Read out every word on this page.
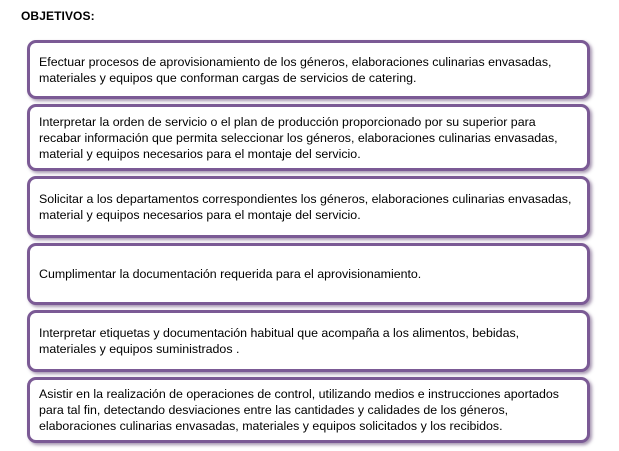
OBJETIVOS:
Efectuar procesos de aprovisionamiento de los géneros, elaboraciones culinarias envasadas, materiales y equipos que conforman cargas de servicios de catering.
Interpretar la orden de servicio o el plan de producción proporcionado por su superior para recabar información que permita seleccionar los géneros, elaboraciones culinarias envasadas, material y equipos necesarios para el montaje del servicio.
Solicitar a los departamentos correspondientes los géneros, elaboraciones culinarias envasadas, material y equipos necesarios para el montaje del servicio.
Cumplimentar la documentación requerida para el aprovisionamiento.
Interpretar etiquetas y documentación habitual que acompaña a los alimentos, bebidas, materiales y equipos suministrados .
Asistir en la realización de operaciones de control, utilizando medios e instrucciones aportados para tal fin, detectando desviaciones entre las cantidades y calidades de los géneros, elaboraciones culinarias envasadas, materiales y equipos solicitados y los recibidos.
